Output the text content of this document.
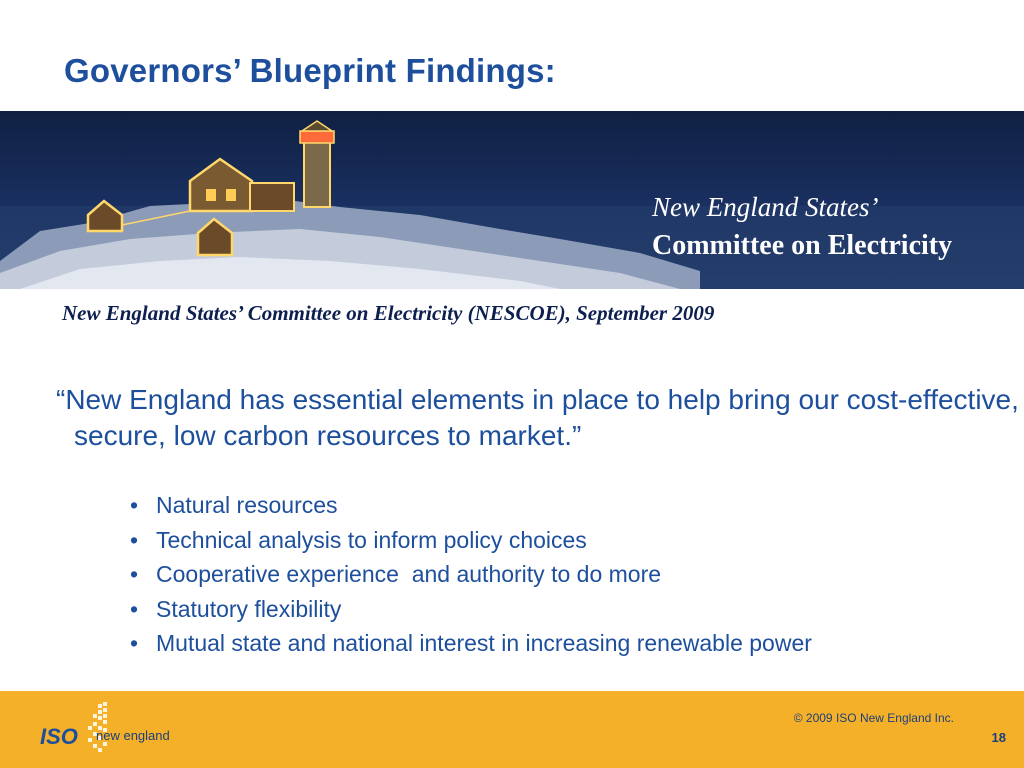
Governors’ Blueprint Findings:
New England States’
Committee on Electricity
New England States’ Committee on Electricity (NESCOE), September 2009
“New England has essential elements in place to help bring our cost-effective, secure, low carbon resources to market.”
• Natural resources
• Technical analysis to inform policy choices
• Cooperative experience  and authority to do more
• Statutory flexibility
• Mutual state and national interest in increasing renewable power
ISO new england
© 2009 ISO New England Inc.
18
